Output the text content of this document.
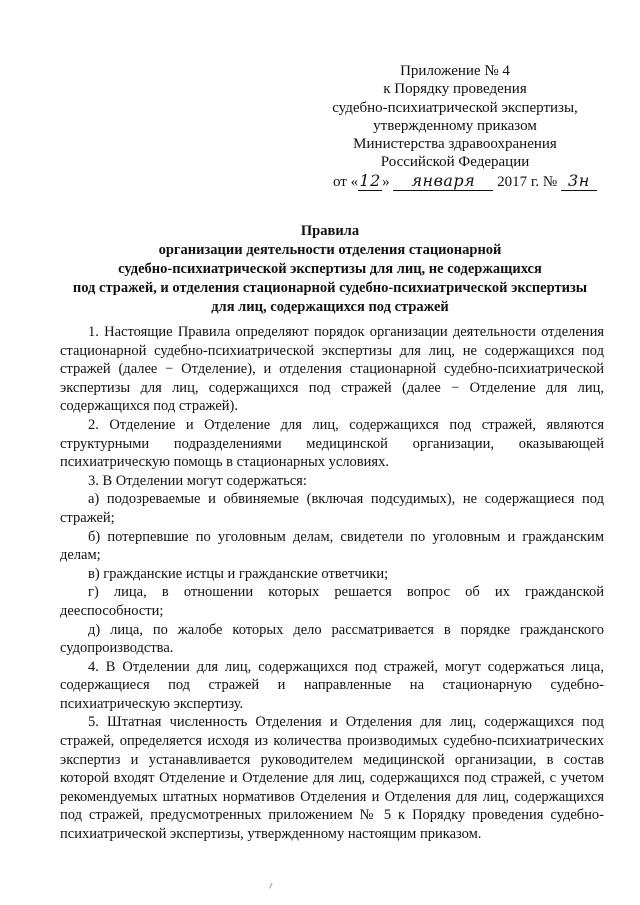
Приложение № 4
к Порядку проведения
судебно-психиатрической экспертизы,
утвержденному приказом
Министерства здравоохранения
Российской Федерации
от «12» января 2017 г. № 3н
Правила
организации деятельности отделения стационарной
судебно-психиатрической экспертизы для лиц, не содержащихся
под стражей, и отделения стационарной судебно-психиатрической экспертизы
для лиц, содержащихся под стражей

1. Настоящие Правила определяют порядок организации деятельности отделения стационарной судебно-психиатрической экспертизы для лиц, не содержащихся под стражей (далее − Отделение), и отделения стационарной судебно-психиатрической экспертизы для лиц, содержащихся под стражей (далее − Отделение для лиц, содержащихся под стражей).

2. Отделение и Отделение для лиц, содержащихся под стражей, являются структурными подразделениями медицинской организации, оказывающей психиатрическую помощь в стационарных условиях.

3. В Отделении могут содержаться:

а) подозреваемые и обвиняемые (включая подсудимых), не содержащиеся под стражей;

б) потерпевшие по уголовным делам, свидетели по уголовным и гражданским делам;

в) гражданские истцы и гражданские ответчики;

г) лица, в отношении которых решается вопрос об их гражданской дееспособности;

д) лица, по жалобе которых дело рассматривается в порядке гражданского судопроизводства.

4. В Отделении для лиц, содержащихся под стражей, могут содержаться лица, содержащиеся под стражей и направленные на стационарную судебно-психиатрическую экспертизу.

5. Штатная численность Отделения и Отделения для лиц, содержащихся под стражей, определяется исходя из количества производимых судебно-психиатрических экспертиз и устанавливается руководителем медицинской организации, в состав которой входят Отделение и Отделение для лиц, содержащихся под стражей, с учетом рекомендуемых штатных нормативов Отделения и Отделения для лиц, содержащихся под стражей, предусмотренных приложением № 5 к Порядку проведения судебно-психиатрической экспертизы, утвержденному настоящим приказом.
